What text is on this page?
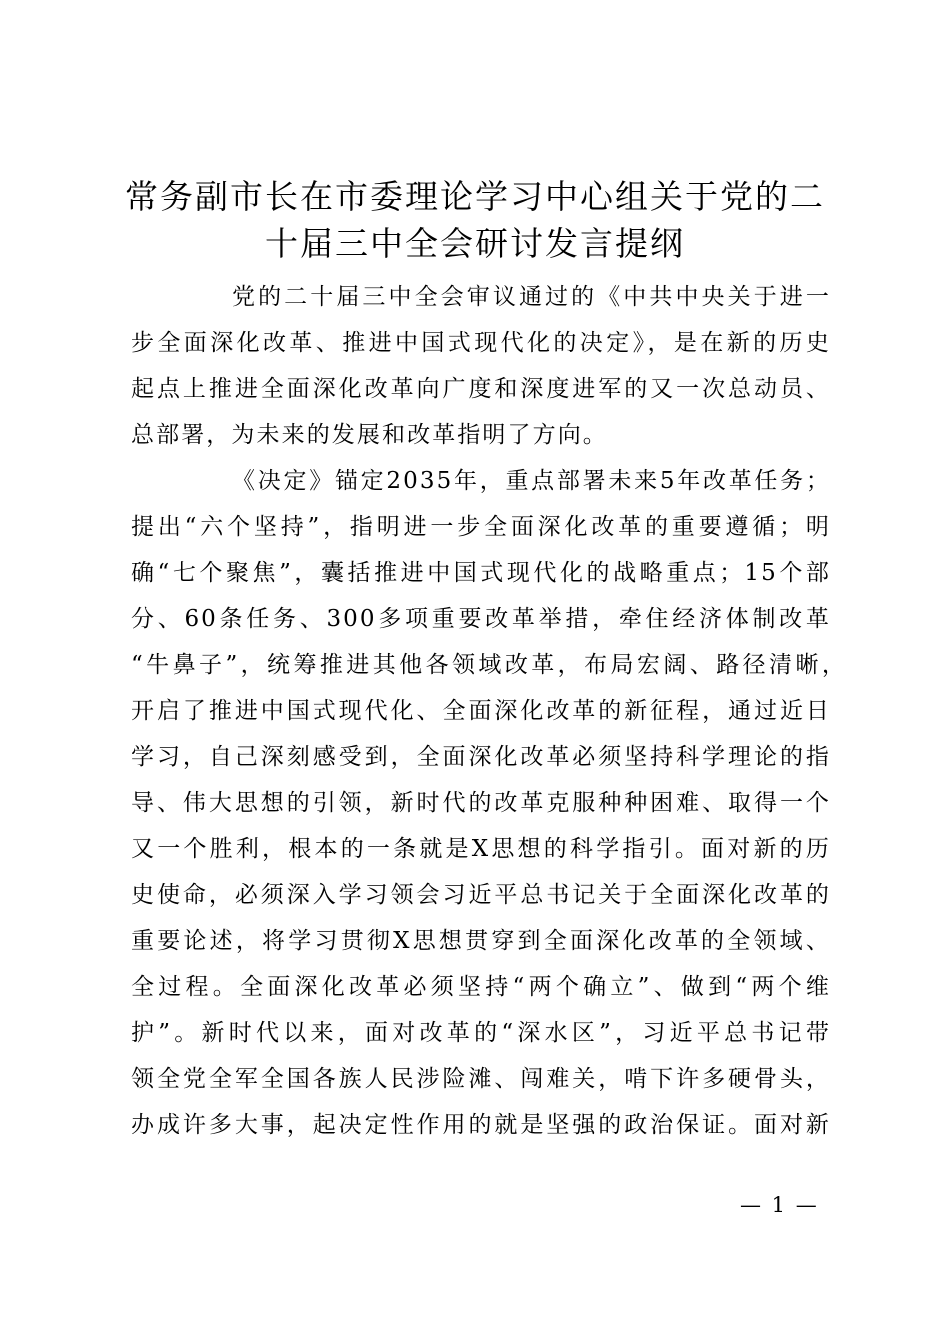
常务副市长在市委理论学习中心组关于党的二
十届三中全会研讨发言提纲
党的二十届三中全会审议通过的《中共中央关于进一
步全面深化改革、推进中国式现代化的决定》，是在新的历史
起点上推进全面深化改革向广度和深度进军的又一次总动员、
总部署，为未来的发展和改革指明了方向。
《决定》锚定2035年，重点部署未来5年改革任务；
提出“六个坚持”，指明进一步全面深化改革的重要遵循；明
确“七个聚焦”，囊括推进中国式现代化的战略重点；15个部
分、60条任务、300多项重要改革举措，牵住经济体制改革
“牛鼻子”，统筹推进其他各领域改革，布局宏阔、路径清晰，
开启了推进中国式现代化、全面深化改革的新征程，通过近日
学习，自己深刻感受到，全面深化改革必须坚持科学理论的指
导、伟大思想的引领，新时代的改革克服种种困难、取得一个
又一个胜利，根本的一条就是X思想的科学指引。面对新的历
史使命，必须深入学习领会习近平总书记关于全面深化改革的
重要论述，将学习贯彻X思想贯穿到全面深化改革的全领域、
全过程。全面深化改革必须坚持“两个确立”、做到“两个维
护”。新时代以来，面对改革的“深水区”，习近平总书记带
领全党全军全国各族人民涉险滩、闯难关，啃下许多硬骨头，
办成许多大事，起决定性作用的就是坚强的政治保证。面对新
— 1 —
